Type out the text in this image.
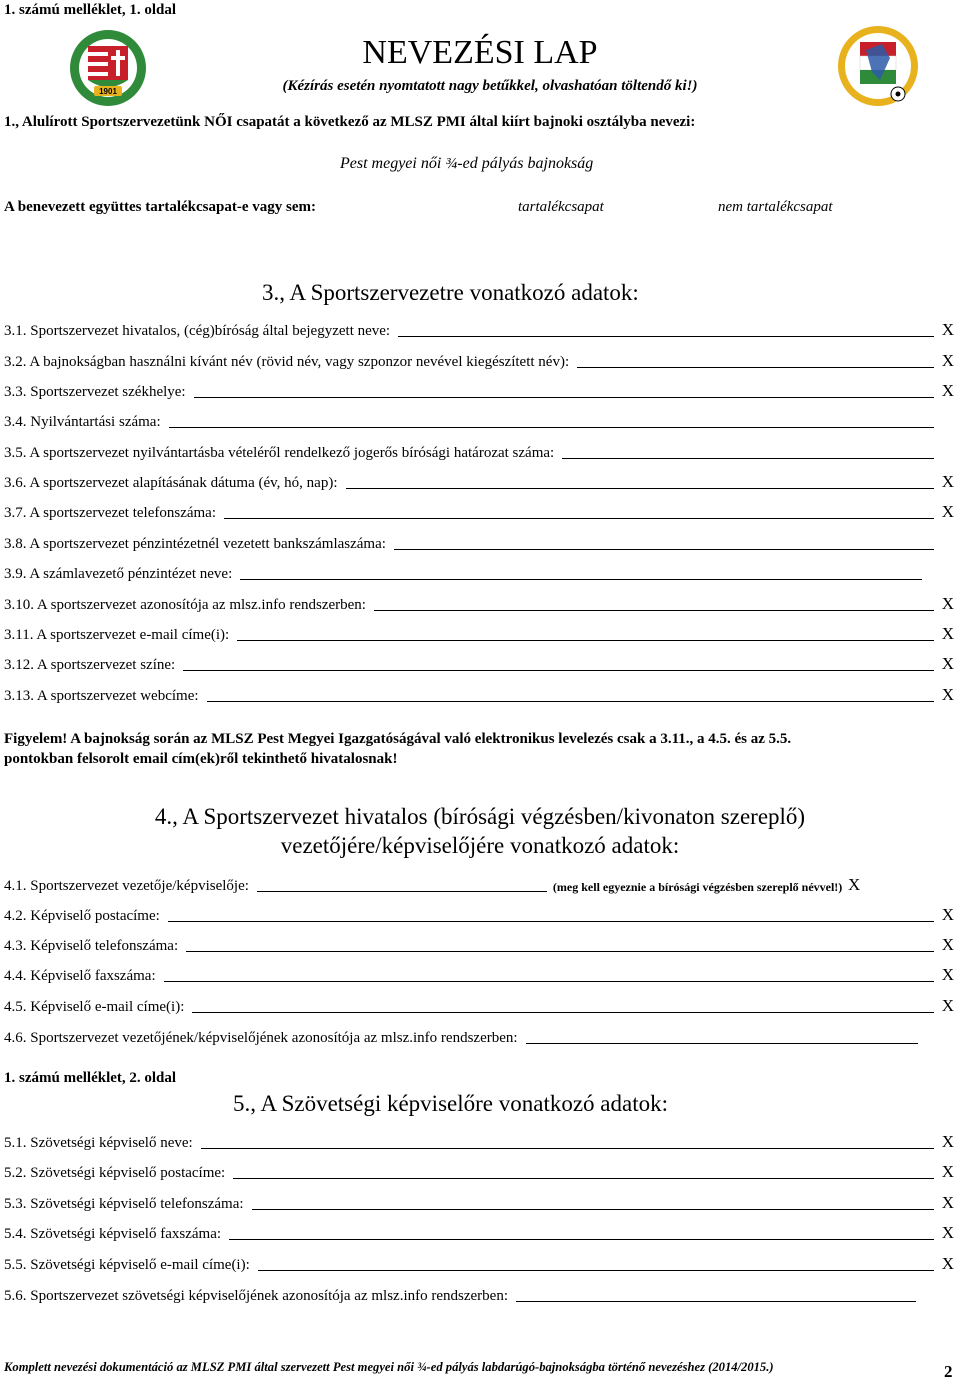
1. számú melléklet, 1. oldal
1901
NEVEZÉSI LAP
(Kézírás esetén nyomtatott nagy betűkkel, olvashatóan töltendő ki!)
1., Alulírott Sportszervezetünk NŐI csapatát a következő az MLSZ PMI által kiírt bajnoki osztályba nevezi:
Pest megyei női ¾-ed pályás bajnokság
A benevezett együttes tartalékcsapat-e vagy sem:	tartalékcsapat	nem tartalékcsapat
3., A Sportszervezetre vonatkozó adatok:
3.1. Sportszervezet hivatalos, (cég)bíróság által bejegyzett neve:	X
3.2. A bajnokságban használni kívánt név (rövid név, vagy szponzor nevével kiegészített név):	X
3.3. Sportszervezet székhelye:	X
3.4. Nyilvántartási száma:
3.5. A sportszervezet nyilvántartásba vételéről rendelkező jogerős bírósági határozat száma:
3.6. A sportszervezet alapításának dátuma (év, hó, nap):	X
3.7. A sportszervezet telefonszáma:	X
3.8. A sportszervezet pénzintézetnél vezetett bankszámlaszáma:
3.9. A számlavezető pénzintézet neve:
3.10. A sportszervezet azonosítója az mlsz.info rendszerben:	X
3.11. A sportszervezet e-mail címe(i):	X
3.12. A sportszervezet színe:	X
3.13. A sportszervezet webcíme:	X
Figyelem! A bajnokság során az MLSZ Pest Megyei Igazgatóságával való elektronikus levelezés csak a 3.11., a 4.5. és az 5.5.
pontokban felsorolt email cím(ek)ről tekinthető hivatalosnak!
4., A Sportszervezet hivatalos (bírósági végzésben/kivonaton szereplő)
vezetőjére/képviselőjére vonatkozó adatok:
4.1. Sportszervezet vezetője/képviselője:	(meg kell egyeznie a bírósági végzésben szereplő névvel!) X
4.2. Képviselő postacíme:	X
4.3. Képviselő telefonszáma:	X
4.4. Képviselő faxszáma:	X
4.5. Képviselő e-mail címe(i):	X
4.6. Sportszervezet vezetőjének/képviselőjének azonosítója az mlsz.info rendszerben:
1. számú melléklet, 2. oldal
5., A Szövetségi képviselőre vonatkozó adatok:
5.1. Szövetségi képviselő neve:	X
5.2. Szövetségi képviselő postacíme:	X
5.3. Szövetségi képviselő telefonszáma:	X
5.4. Szövetségi képviselő faxszáma:	X
5.5. Szövetségi képviselő e-mail címe(i):	X
5.6. Sportszervezet szövetségi képviselőjének azonosítója az mlsz.info rendszerben:
Komplett nevezési dokumentáció az MLSZ PMI által szervezett Pest megyei női ¾-ed pályás labdarúgó-bajnokságba történő nevezéshez (2014/2015.)	2
